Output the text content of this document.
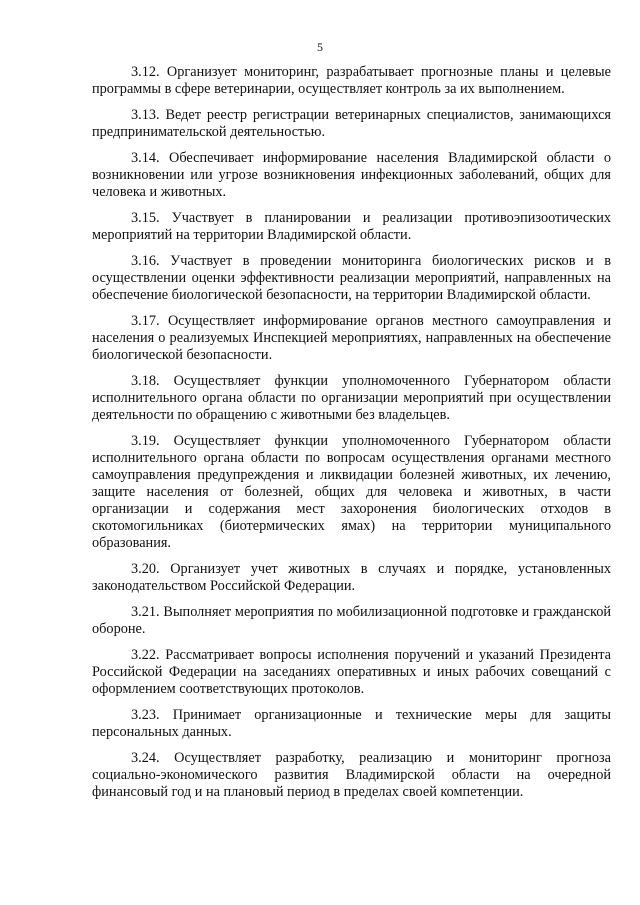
5

3.12. Организует мониторинг, разрабатывает прогнозные планы и целевые программы в сфере ветеринарии, осуществляет контроль за их выполнением.

3.13. Ведет реестр регистрации ветеринарных специалистов, занимающихся предпринимательской деятельностью.

3.14. Обеспечивает информирование населения Владимирской области о возникновении или угрозе возникновения инфекционных заболеваний, общих для человека и животных.

3.15. Участвует в планировании и реализации противоэпизоотических мероприятий на территории Владимирской области.

3.16. Участвует в проведении мониторинга биологических рисков и в осуществлении оценки эффективности реализации мероприятий, направленных на обеспечение биологической безопасности, на территории Владимирской области.

3.17. Осуществляет информирование органов местного самоуправления и населения о реализуемых Инспекцией мероприятиях, направленных на обеспечение биологической безопасности.

3.18. Осуществляет функции уполномоченного Губернатором области исполнительного органа области по организации мероприятий при осуществлении деятельности по обращению с животными без владельцев.

3.19. Осуществляет функции уполномоченного Губернатором области исполнительного органа области по вопросам осуществления органами местного самоуправления предупреждения и ликвидации болезней животных, их лечению, защите населения от болезней, общих для человека и животных, в части организации и содержания мест захоронения биологических отходов в скотомогильниках (биотермических ямах) на территории муниципального образования.

3.20. Организует учет животных в случаях и порядке, установленных законодательством Российской Федерации.

3.21. Выполняет мероприятия по мобилизационной подготовке и гражданской обороне.

3.22. Рассматривает вопросы исполнения поручений и указаний Президента Российской Федерации на заседаниях оперативных и иных рабочих совещаний с оформлением соответствующих протоколов.

3.23. Принимает организационные и технические меры для защиты персональных данных.

3.24. Осуществляет разработку, реализацию и мониторинг прогноза социально-экономического развития Владимирской области на очередной финансовый год и на плановый период в пределах своей компетенции.
